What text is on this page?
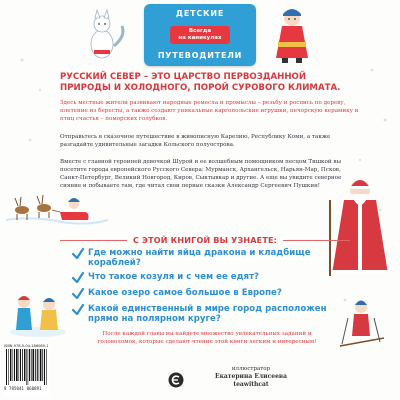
ДЕТСКИЕ
Всегда
на каникулах
ПУТЕВОДИТЕЛИ
РУССКИЙ СЕВЕР – ЭТО ЦАРСТВО ПЕРВОЗДАННОЙ ПРИРОДЫ И ХОЛОДНОГО, ПОРОЙ СУРОВОГО КЛИМАТА.
Здесь местные жители развивают народные ремесла и промыслы – резьбу и роспись по дереву, плетение из бересты, а также создают уникальные каргопольские игрушки, печорскую керамику и птиц счастья – поморских голубков.
Отправьтесь в сказочное путешествие в живописную Карелию, Республику Коми, а также разгадайте удивительные загадки Кольского полуострова.
Вместе с главной героиней девочкой Шурой и ее волшебным помощником песцом Тишкой вы посетите города европейского Русского Севера: Мурманск, Архангельск, Нарьян-Мар, Псков, Санкт-Петербург, Великий Новгород, Киров, Сыктывкар и другие. А еще вы увидите северное сияние и побываете там, где читал свои первые сказки Александр Сергеевич Пушкин!
С ЭТОЙ КНИГОЙ ВЫ УЗНАЕТЕ:
Где можно найти яйца дракона и кладбище кораблей?
Что такое козуля и с чем ее едят?
Какое озеро самое большое в Европе?
Какой единственный в мире город расположен прямо на полярном круге?
После каждой главы вы найдете множество увлекательных заданий и головоломок, которые сделают чтение этой книги легким и интересным!
ISBN 978-5-04-186089-1
9 785041 860891
иллюстратор
Екатерина Елисеева
teawithcat
